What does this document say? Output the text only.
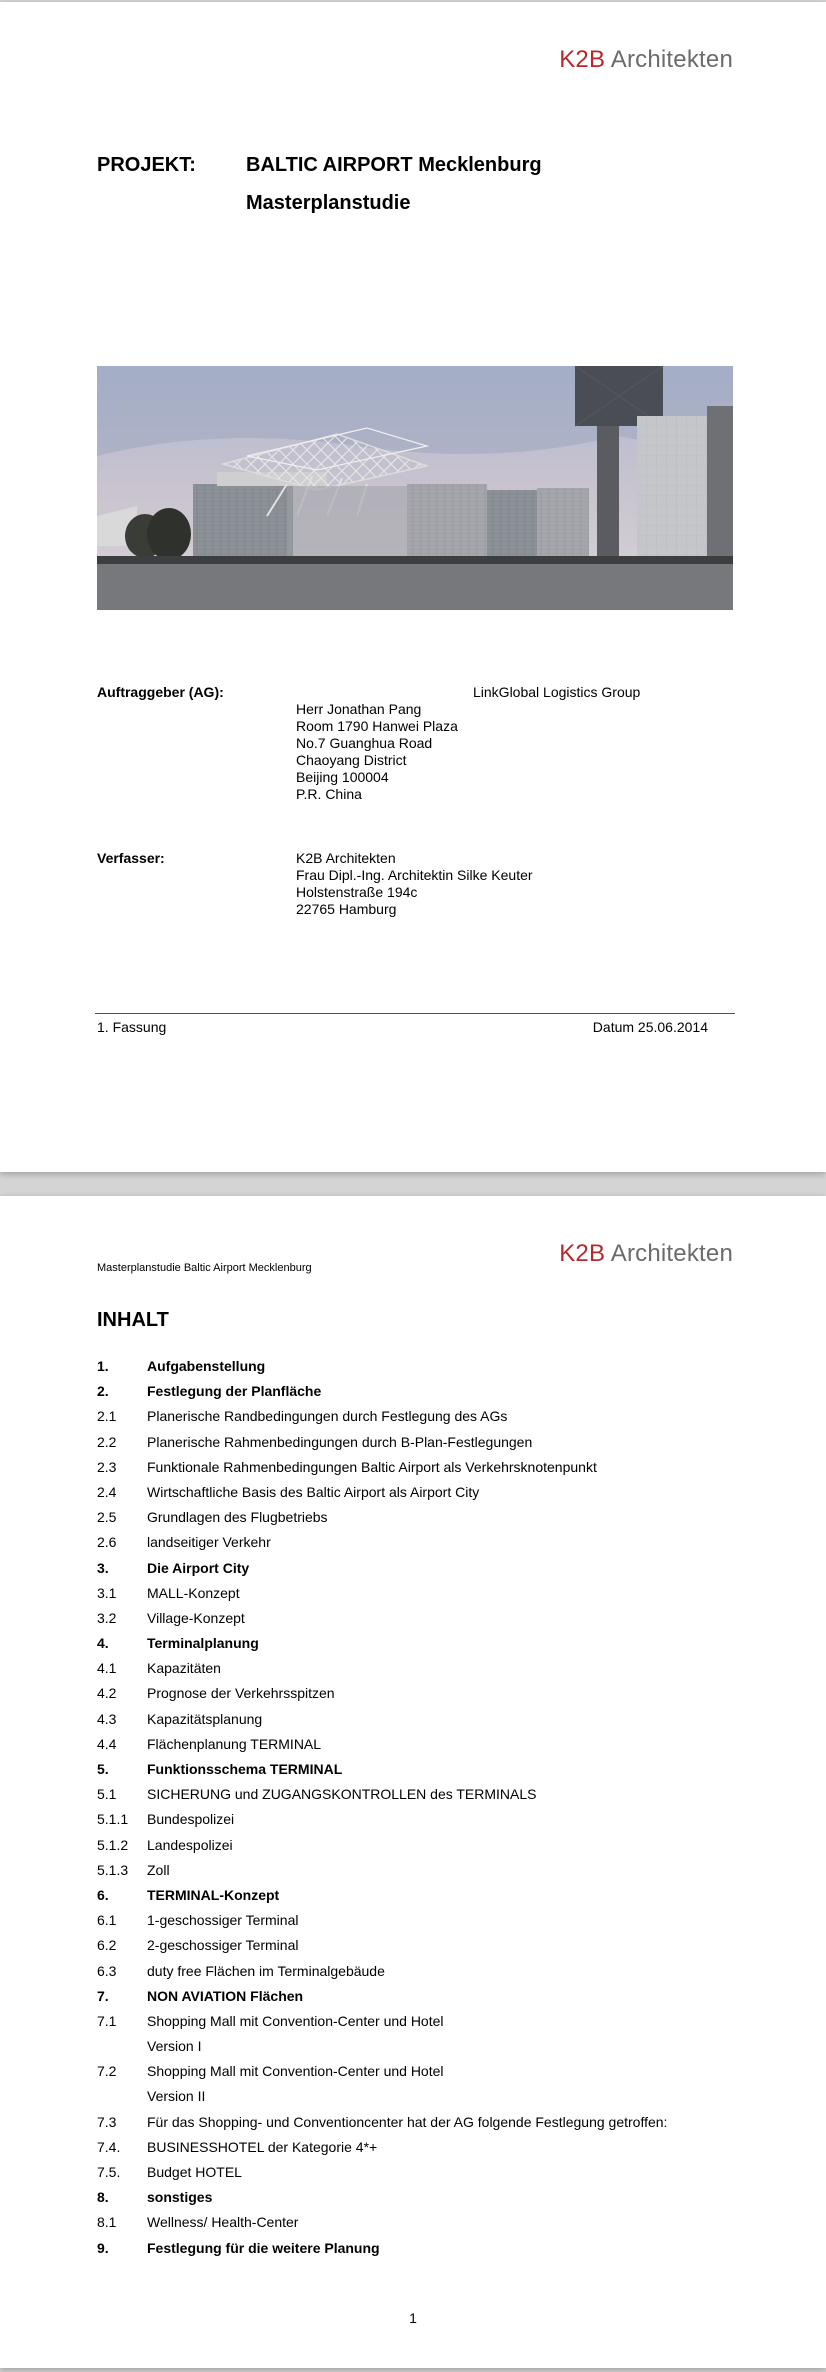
K2B Architekten
PROJEKT:	BALTIC AIRPORT Mecklenburg
Masterplanstudie
Auftraggeber (AG):	LinkGlobal Logistics Group
Herr Jonathan Pang
Room 1790 Hanwei Plaza
No.7 Guanghua Road
Chaoyang District
Beijing 100004
P.R. China
Verfasser:	K2B Architekten
Frau Dipl.-Ing. Architektin Silke Keuter
Holstenstraße 194c
22765 Hamburg
1. Fassung	Datum 25.06.2014
K2B Architekten
Masterplanstudie Baltic Airport Mecklenburg
INHALT
1.	Aufgabenstellung
2.	Festlegung der Planfläche
2.1 Planerische Randbedingungen durch Festlegung des AGs
2.2 Planerische Rahmenbedingungen durch B-Plan-Festlegungen
2.3 Funktionale Rahmenbedingungen Baltic Airport als Verkehrsknotenpunkt
2.4 Wirtschaftliche Basis des Baltic Airport als Airport City
2.5 Grundlagen des Flugbetriebs
2.6 landseitiger Verkehr
3.	Die Airport City
3.1 MALL-Konzept
3.2 Village-Konzept
4.	Terminalplanung
4.1 Kapazitäten
4.2 Prognose der Verkehrsspitzen
4.3 Kapazitätsplanung
4.4 Flächenplanung TERMINAL
5.	Funktionsschema TERMINAL
5.1 SICHERUNG und ZUGANGSKONTROLLEN des TERMINALS
5.1.1 Bundespolizei
5.1.2 Landespolizei
5.1.3 Zoll
6.	TERMINAL-Konzept
6.1 1-geschossiger Terminal
6.2 2-geschossiger Terminal
6.3 duty free Flächen im Terminalgebäude
7.	NON AVIATION Flächen
7.1 Shopping Mall mit Convention-Center und Hotel
Version I
7.2 Shopping Mall mit Convention-Center und Hotel
Version II
7.3 Für das Shopping- und Conventioncenter hat der AG folgende Festlegung getroffen:
7.4. BUSINESSHOTEL der Kategorie 4*+
7.5. Budget HOTEL
8.	sonstiges
8.1 Wellness/ Health-Center
9.	Festlegung für die weitere Planung
1
